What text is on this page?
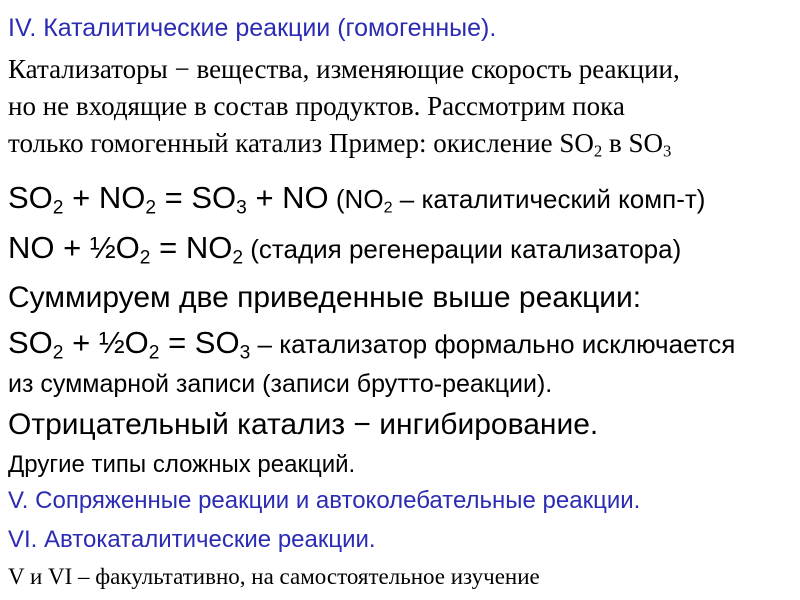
IV. Каталитические реакции (гомогенные).
Катализаторы − вещества, изменяющие скорость реакции,
но не входящие в состав продуктов. Рассмотрим пока
только гомогенный катализ Пример: окисление $SO_2$ в $SO_3$
$SO_2 + NO_2 = SO_3$ + NO ($NO_2$ – каталитический комп-т)
NO + $\frac{1}{2}O_2 = NO_2$ (стадия регенерации катализатора)
Суммируем две приведенные выше реакции:
$SO_2$ + $\frac{1}{2}O_2 = SO_3$ – катализатор формально исключается
из суммарной записи (записи брутто-реакции).
Отрицательный катализ − ингибирование.
Другие типы сложных реакций.
V. Сопряженные реакции и автоколебательные реакции.
VI. Автокаталитические реакции.
V и VI – факультативно, на самостоятельное изучение
